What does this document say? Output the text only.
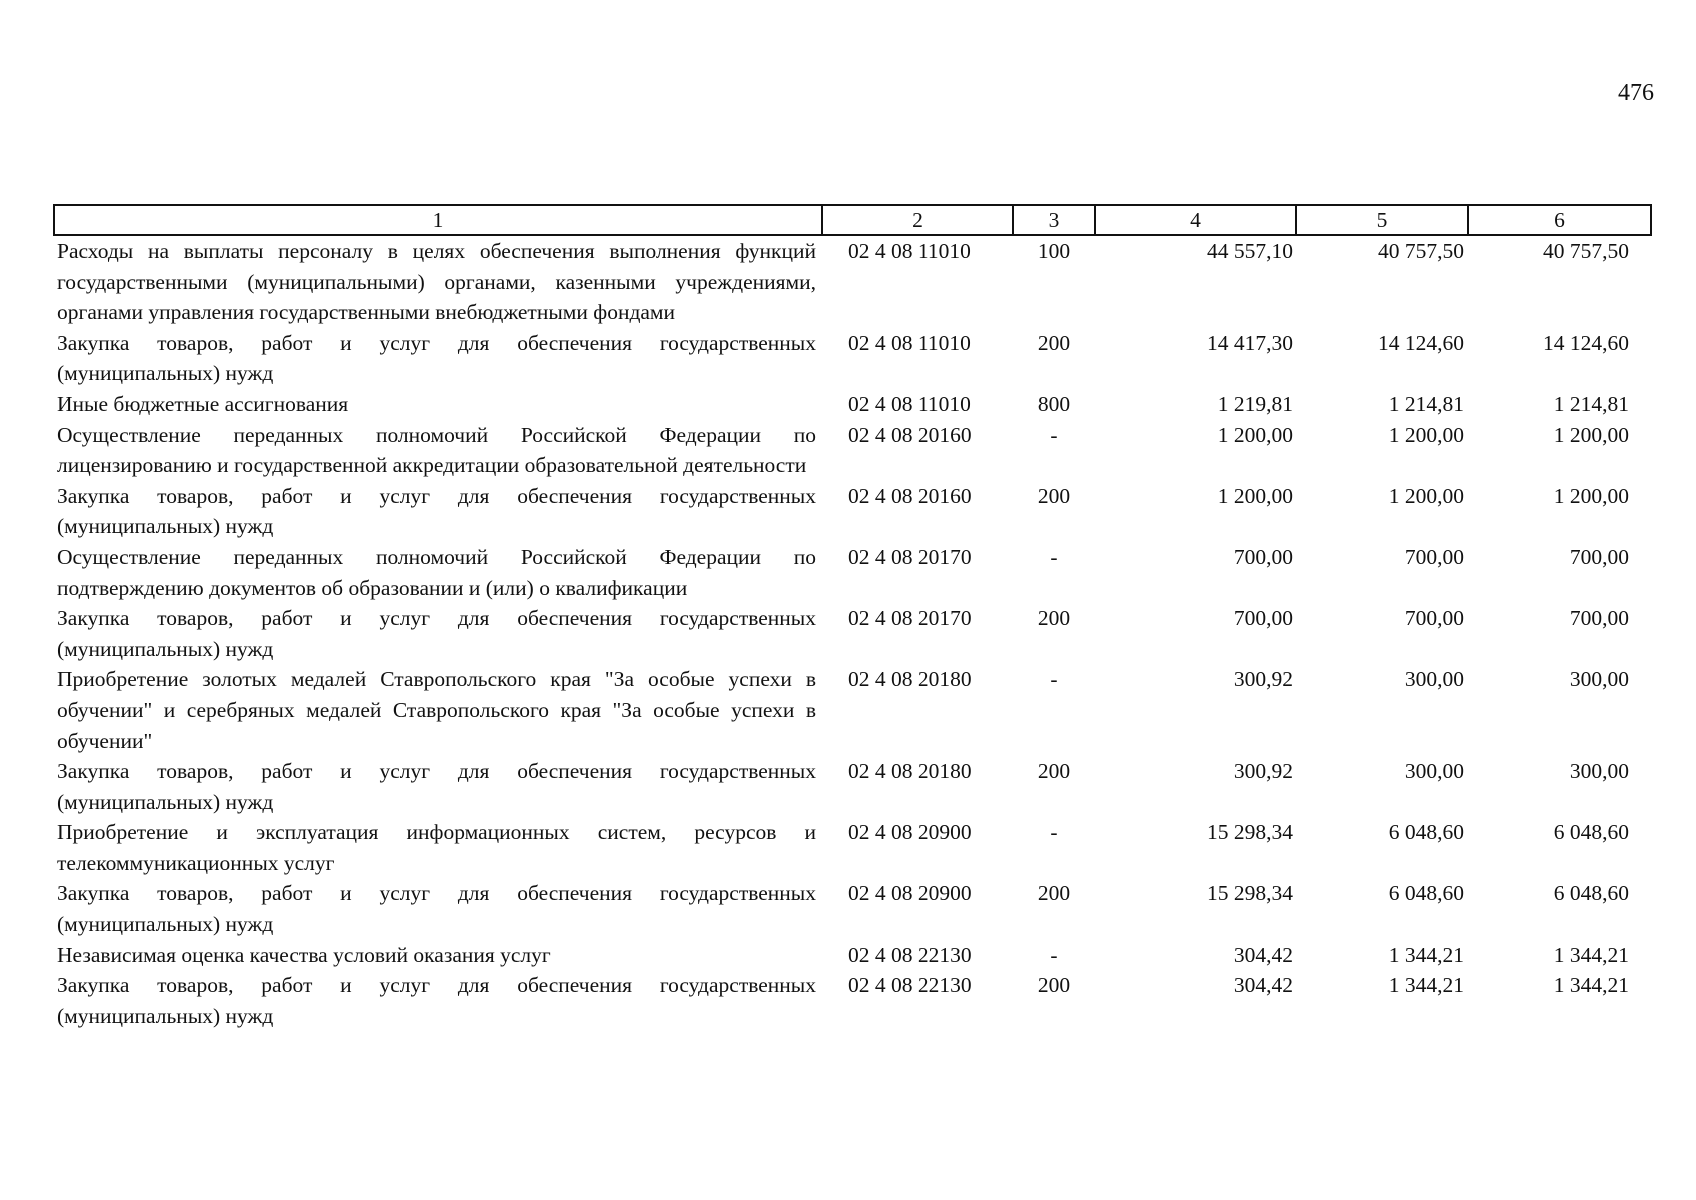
476
1	2	3	4	5	6
Расходы на выплаты персоналу в целях обеспечения выполнения функций государственными (муниципальными) органами, казенными учреждениями, органами управления государственными внебюджетными фондами	02 4 08 11010	100	44 557,10	40 757,50	40 757,50
Закупка товаров, работ и услуг для обеспечения государственных (муниципальных) нужд	02 4 08 11010	200	14 417,30	14 124,60	14 124,60
Иные бюджетные ассигнования	02 4 08 11010	800	1 219,81	1 214,81	1 214,81
Осуществление переданных полномочий Российской Федерации по лицензированию и государственной аккредитации образовательной деятельности	02 4 08 20160	-	1 200,00	1 200,00	1 200,00
Закупка товаров, работ и услуг для обеспечения государственных (муниципальных) нужд	02 4 08 20160	200	1 200,00	1 200,00	1 200,00
Осуществление переданных полномочий Российской Федерации по подтверждению документов об образовании и (или) о квалификации	02 4 08 20170	-	700,00	700,00	700,00
Закупка товаров, работ и услуг для обеспечения государственных (муниципальных) нужд	02 4 08 20170	200	700,00	700,00	700,00
Приобретение золотых медалей Ставропольского края "За особые успехи в обучении" и серебряных медалей Ставропольского края "За особые успехи в обучении"	02 4 08 20180	-	300,92	300,00	300,00
Закупка товаров, работ и услуг для обеспечения государственных (муниципальных) нужд	02 4 08 20180	200	300,92	300,00	300,00
Приобретение и эксплуатация информационных систем, ресурсов и телекоммуникационных услуг	02 4 08 20900	-	15 298,34	6 048,60	6 048,60
Закупка товаров, работ и услуг для обеспечения государственных (муниципальных) нужд	02 4 08 20900	200	15 298,34	6 048,60	6 048,60
Независимая оценка качества условий оказания услуг	02 4 08 22130	-	304,42	1 344,21	1 344,21
Закупка товаров, работ и услуг для обеспечения государственных (муниципальных) нужд	02 4 08 22130	200	304,42	1 344,21	1 344,21
